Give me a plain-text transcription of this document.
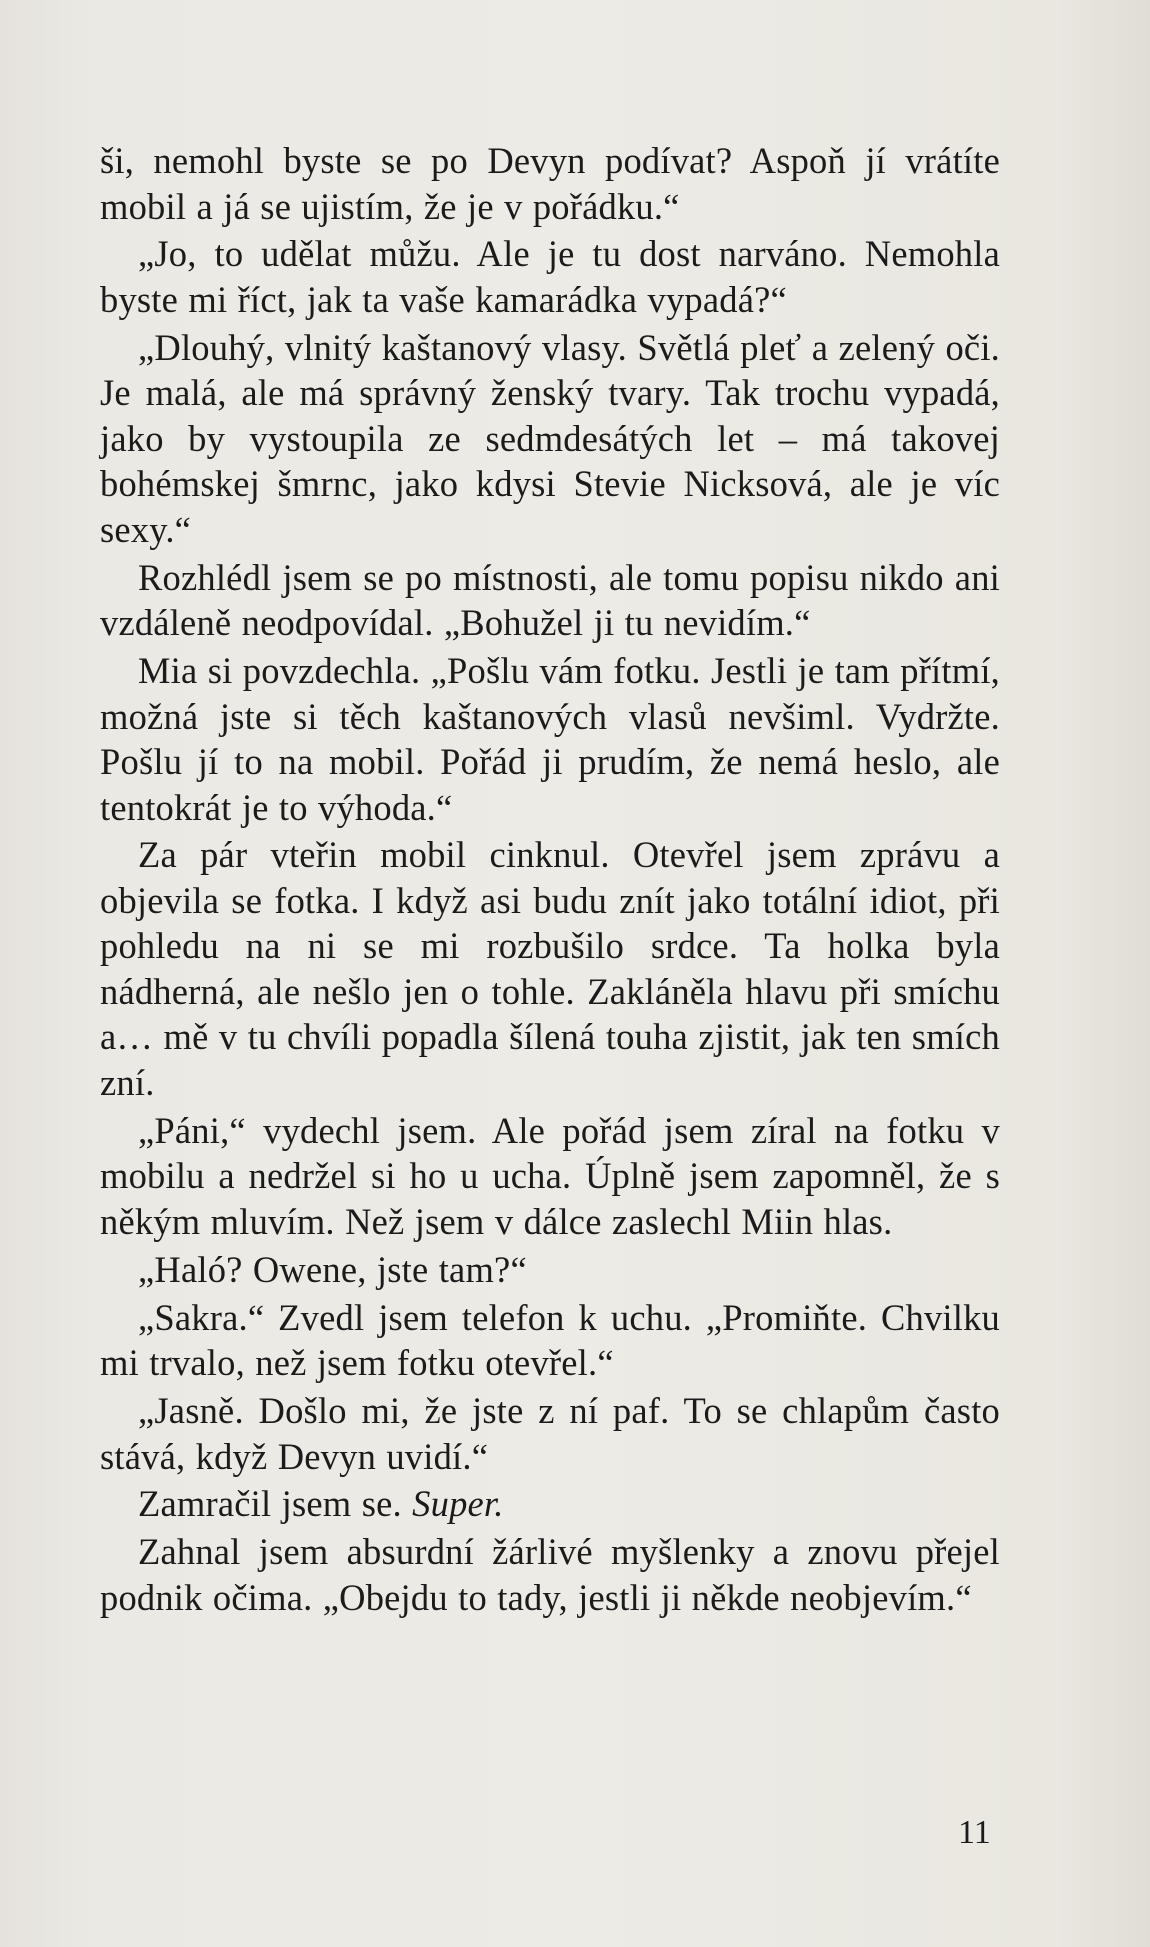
ši, nemohl byste se po Devyn podívat? Aspoň jí vrátíte mobil a já se ujistím, že je v pořádku.“

„Jo, to udělat můžu. Ale je tu dost narváno. Nemohla byste mi říct, jak ta vaše kamarádka vypadá?“

„Dlouhý, vlnitý kaštanový vlasy. Světlá pleť a zelený oči. Je malá, ale má správný ženský tvary. Tak trochu vypadá, jako by vystoupila ze sedmdesátých let – má takovej bohémskej šmrnc, jako kdysi Stevie Nicksová, ale je víc sexy.“

Rozhlédl jsem se po místnosti, ale tomu popisu nikdo ani vzdáleně neodpovídal. „Bohužel ji tu nevidím.“

Mia si povzdechla. „Pošlu vám fotku. Jestli je tam přítmí, možná jste si těch kaštanových vlasů nevšiml. Vydržte. Pošlu jí to na mobil. Pořád ji prudím, že nemá heslo, ale tentokrát je to výhoda.“

Za pár vteřin mobil cinknul. Otevřel jsem zprávu a objevila se fotka. I když asi budu znít jako totální idiot, při pohledu na ni se mi rozbušilo srdce. Ta holka byla nádherná, ale nešlo jen o tohle. Zakláněla hlavu při smíchu a… mě v tu chvíli popadla šílená touha zjistit, jak ten smích zní.

„Páni,“ vydechl jsem. Ale pořád jsem zíral na fotku v mobilu a nedržel si ho u ucha. Úplně jsem zapomněl, že s někým mluvím. Než jsem v dálce zaslechl Miin hlas.

„Haló? Owene, jste tam?“

„Sakra.“ Zvedl jsem telefon k uchu. „Promiňte. Chvilku mi trvalo, než jsem fotku otevřel.“

„Jasně. Došlo mi, že jste z ní paf. To se chlapům často stává, když Devyn uvidí.“

Zamračil jsem se. Super.

Zahnal jsem absurdní žárlivé myšlenky a znovu přejel podnik očima. „Obejdu to tady, jestli ji někde neobjevím.“

11
